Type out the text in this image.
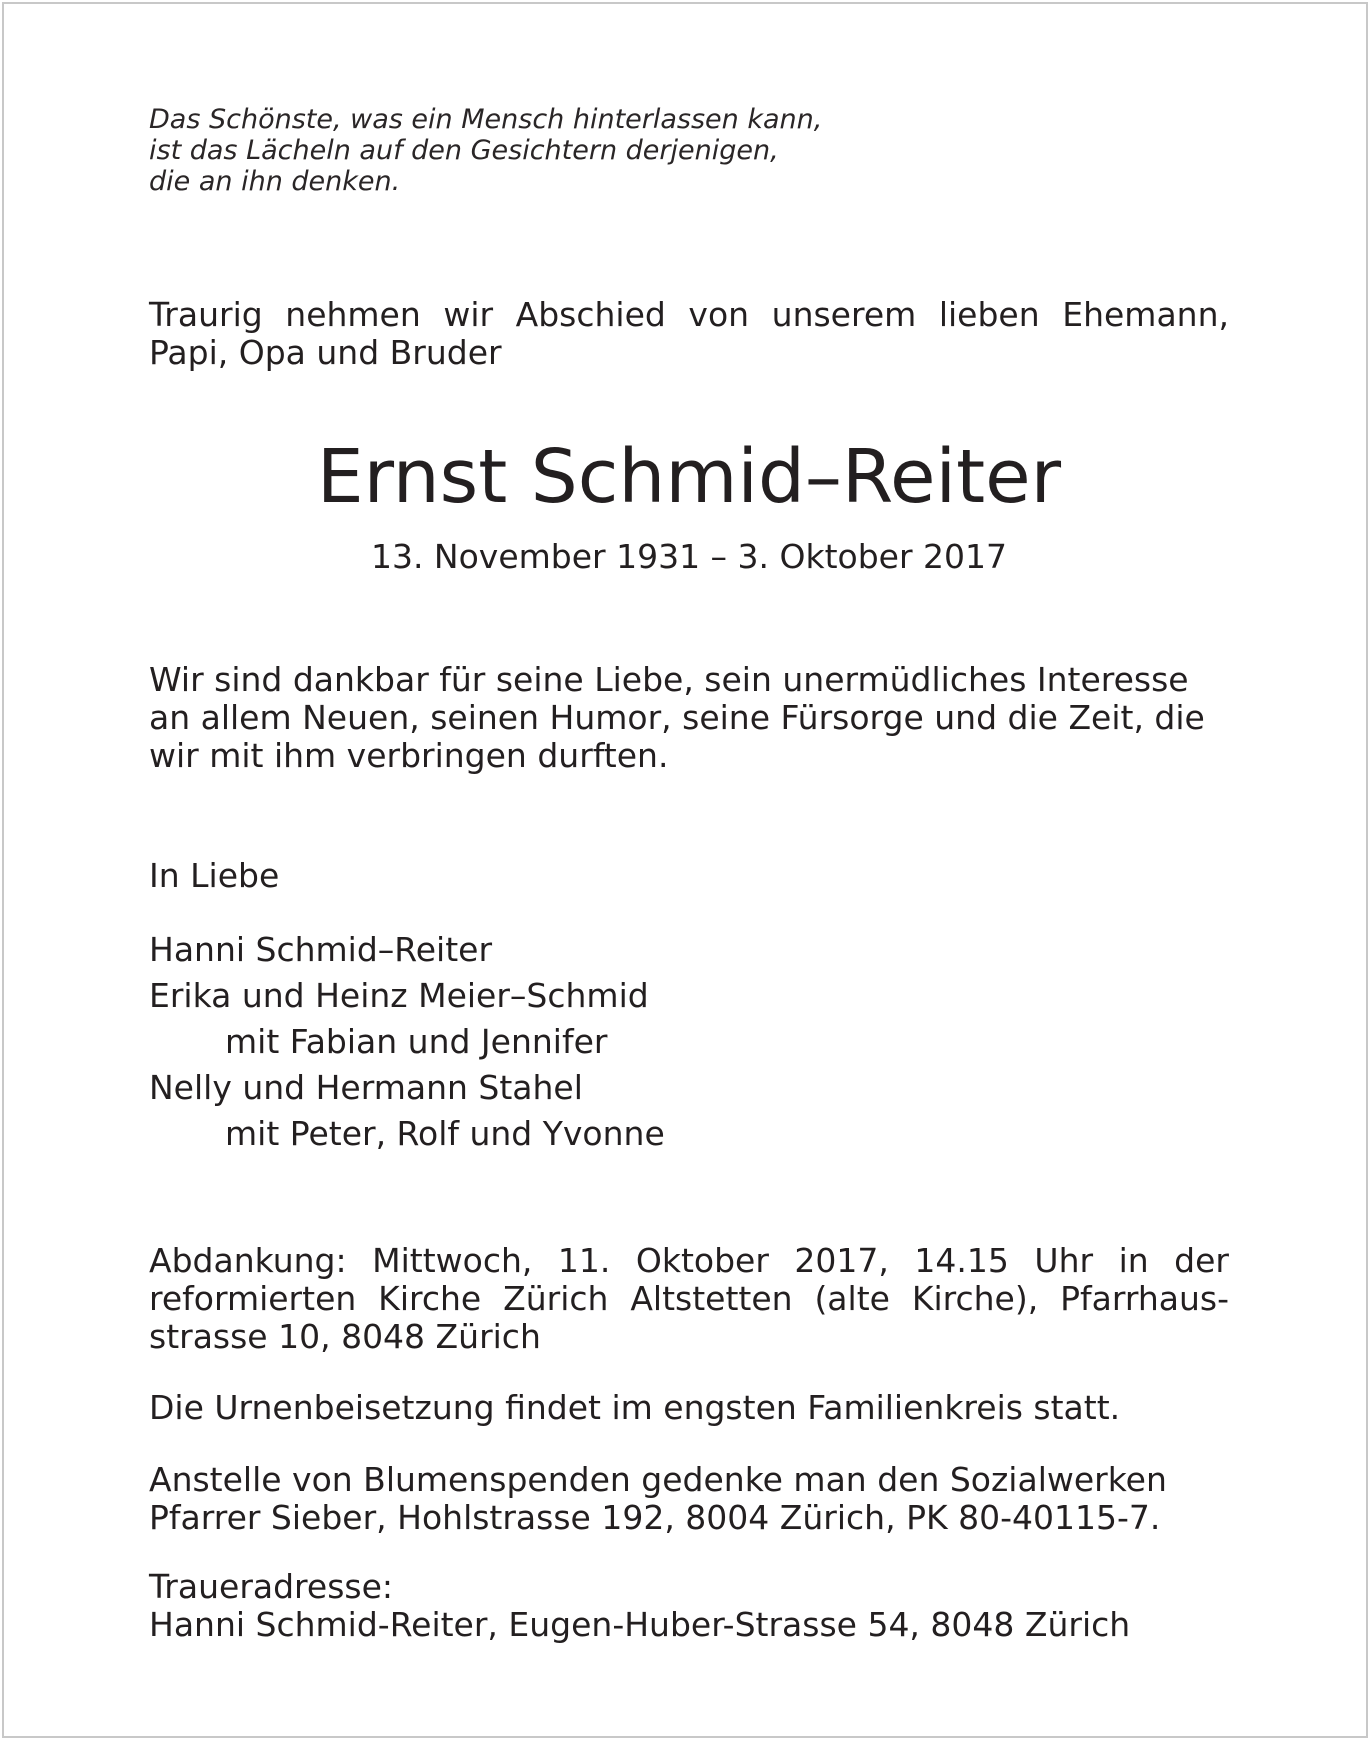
Das Schönste, was ein Mensch hinterlassen kann,
ist das Lächeln auf den Gesichtern derjenigen,
die an ihn denken.
Traurig nehmen wir Abschied von unserem lieben Ehemann,
Papi, Opa und Bruder
Ernst Schmid–Reiter
13. November 1931 – 3. Oktober 2017
Wir sind dankbar für seine Liebe, sein unermüdliches Interesse
an allem Neuen, seinen Humor, seine Fürsorge und die Zeit, die
wir mit ihm verbringen durften.
In Liebe
Hanni Schmid–Reiter
Erika und Heinz Meier–Schmid
mit Fabian und Jennifer
Nelly und Hermann Stahel
mit Peter, Rolf und Yvonne
Abdankung: Mittwoch, 11. Oktober 2017, 14.15 Uhr in der
reformierten Kirche Zürich Altstetten (alte Kirche), Pfarrhaus-
strasse 10, 8048 Zürich
Die Urnenbeisetzung findet im engsten Familienkreis statt.
Anstelle von Blumenspenden gedenke man den Sozialwerken
Pfarrer Sieber, Hohlstrasse 192, 8004 Zürich, PK 80-40115-7.
Traueradresse:
Hanni Schmid-Reiter, Eugen-Huber-Strasse 54, 8048 Zürich
